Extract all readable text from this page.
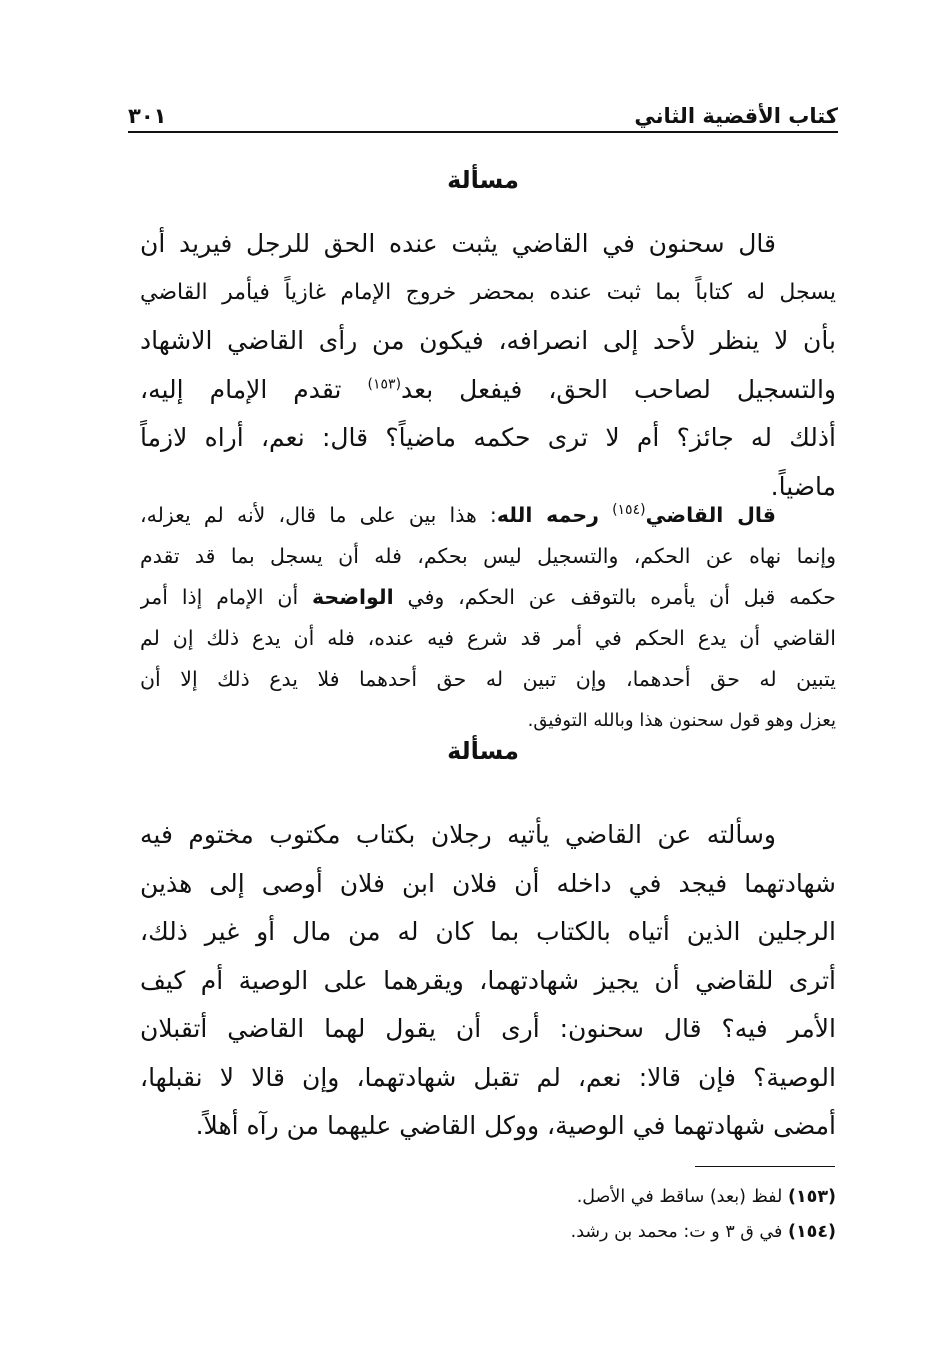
كتاب الأقضية الثاني
٣٠١
مسألة
قال سحنون في القاضي يثبت عنده الحق للرجل فيريد أن
يسجل له كتاباً بما ثبت عنده بمحضر خروج الإمام غازياً فيأمر القاضي
بأن لا ينظر لأحد إلى انصرافه، فيكون من رأى القاضي الاشهاد
والتسجيل لصاحب الحق، فيفعل بعد$^{(١٥٣)}$ تقدم الإمام إليه،
أذلك له جائز؟ أم لا ترى حكمه ماضياً؟ قال: نعم، أراه لازماً
ماضياً.
قال القاضي$^{(١٥٤)}$ رحمه الله: هذا بين على ما قال، لأنه لم يعزله،
وإنما نهاه عن الحكم، والتسجيل ليس بحكم، فله أن يسجل بما قد تقدم
حكمه قبل أن يأمره بالتوقف عن الحكم، وفي الواضحة أن الإمام إذا أمر
القاضي أن يدع الحكم في أمر قد شرع فيه عنده، فله أن يدع ذلك إن لم
يتبين له حق أحدهما، وإن تبين له حق أحدهما فلا يدع ذلك إلا أن
يعزل وهو قول سحنون هذا وبالله التوفيق.
مسألة
وسألته عن القاضي يأتيه رجلان بكتاب مكتوب مختوم فيه
شهادتهما فيجد في داخله أن فلان ابن فلان أوصى إلى هذين
الرجلين الذين أتياه بالكتاب بما كان له من مال أو غير ذلك،
أترى للقاضي أن يجيز شهادتهما، ويقرهما على الوصية أم كيف
الأمر فيه؟ قال سحنون: أرى أن يقول لهما القاضي أتقبلان
الوصية؟ فإن قالا: نعم، لم تقبل شهادتهما، وإن قالا لا نقبلها،
أمضى شهادتهما في الوصية، ووكل القاضي عليهما من رآه أهلاً.
(١٥٣) لفظ (بعد) ساقط في الأصل.
(١٥٤) في ق ٣ و ت: محمد بن رشد.
